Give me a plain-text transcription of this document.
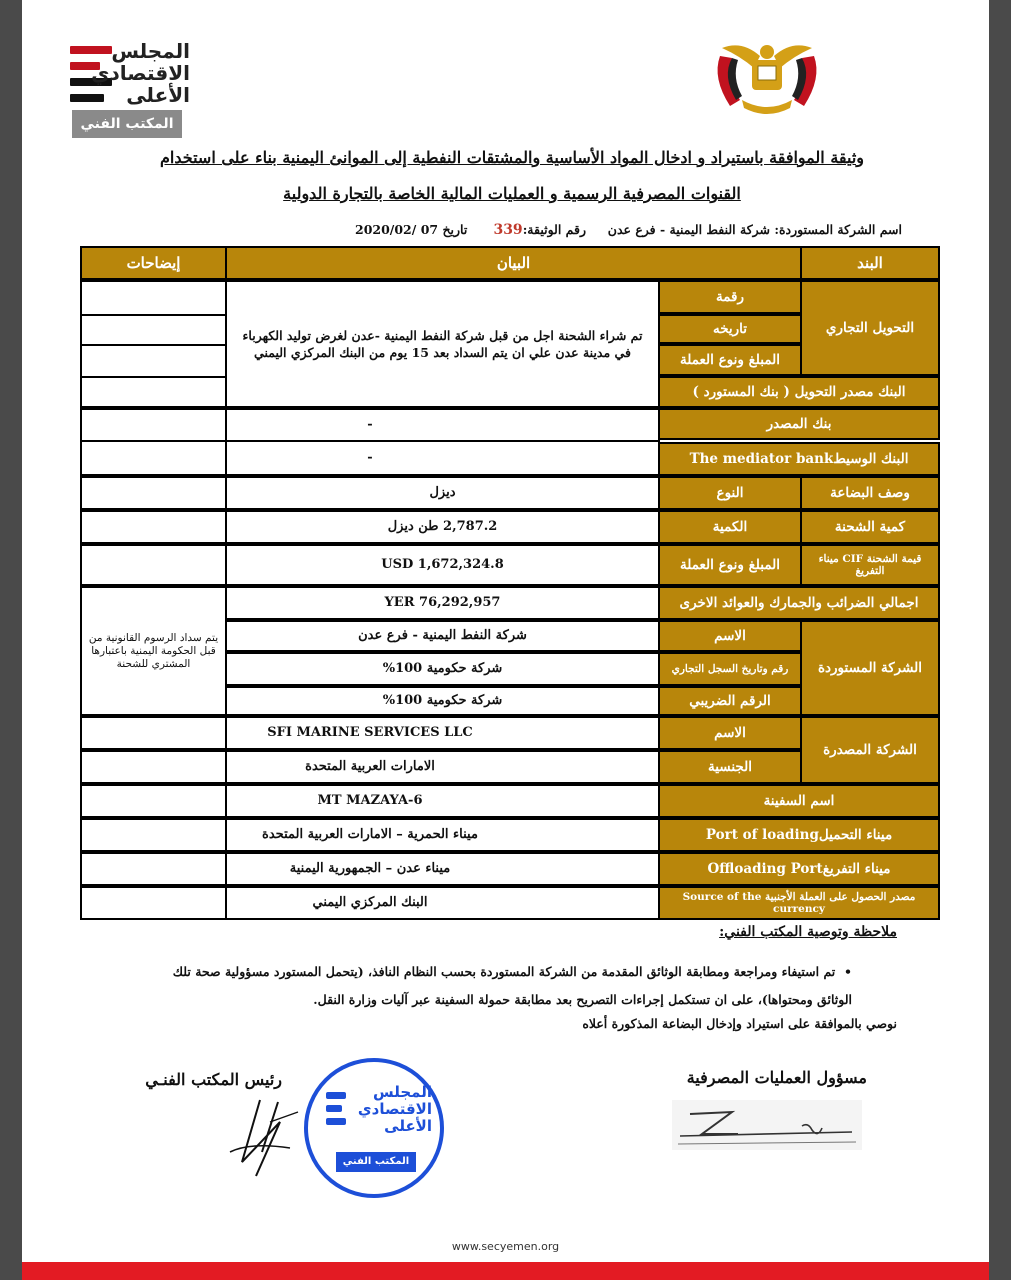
المجلس
الاقتصادي
الأعلى
المكتب الفني
وثيقة الموافقة باستيراد و ادخال المواد الأساسية والمشتقات النفطية إلى الموانئ اليمنية بناء على استخدام
القنوات المصرفية الرسمية و العمليات المالية الخاصة بالتجارة الدولية
اسم الشركة المستوردة: شركة النفط اليمنية - فرع عدن     رقم الوثيقة:339      تاريخ 07 /2020/02
البند
البيان
إيضاحات
التحويل التجاري
رقمة
تاريخه
المبلغ ونوع العملة
تم شراء الشحنة اجل من قبل شركة النفط اليمنية -عدن لغرض توليد الكهرباء في مدينة عدن علي ان يتم السداد بعد 15 يوم من البنك المركزي اليمني
البنك مصدر التحويل ( بنك المستورد )
بنك المصدر
-
البنك الوسيطThe mediator bank
-
وصف البضاعة
النوع
ديزل
كمية الشحنة
الكمية
2,787.2 طن ديزل
قيمة الشحنة CIF ميناء التفريغ
المبلغ ونوع العملة
1,672,324.8 USD
اجمالي الضرائب والجمارك والعوائد الاخرى
YER 76,292,957
يتم سداد الرسوم القانونية من قبل الحكومة اليمنية باعتبارها المشتري للشحنة	الشركة المستوردة
الاسم
شركة النفط اليمنية - فرع عدن
رقم وتاريخ السجل التجاري
شركة حكومية 100%
الرقم الضريبي
شركة حكومية 100%
الشركة المصدرة
الاسم
SFI MARINE SERVICES LLC
الجنسية
الامارات العربية المتحدة
اسم السفينة
MT MAZAYA-6
ميناء التحميلPort of loading
ميناء الحمرية – الامارات العربية المتحدة
ميناء التفريغOffloading Port
ميناء عدن – الجمهورية اليمنية
مصدر الحصول على العملة الأجنبية Source of the currency
البنك المركزي اليمني
ملاحظة وتوصية المكتب الفني:
•  تم استيفاء ومراجعة ومطابقة الوثائق المقدمة من الشركة المستوردة بحسب النظام النافذ، (يتحمل المستورد مسؤولية صحة تلك
الوثائق ومحتواها)، على ان تستكمل إجراءات التصريح بعد مطابقة حمولة السفينة عبر آليات وزارة النقل.
نوصي بالموافقة على استيراد وإدخال البضاعة المذكورة أعلاه
مسؤول العمليات المصرفية
رئيس المكتب الفنـي
المجلس
الاقتصادي
الأعلى
المكتب الفني
www.secyemen.org
